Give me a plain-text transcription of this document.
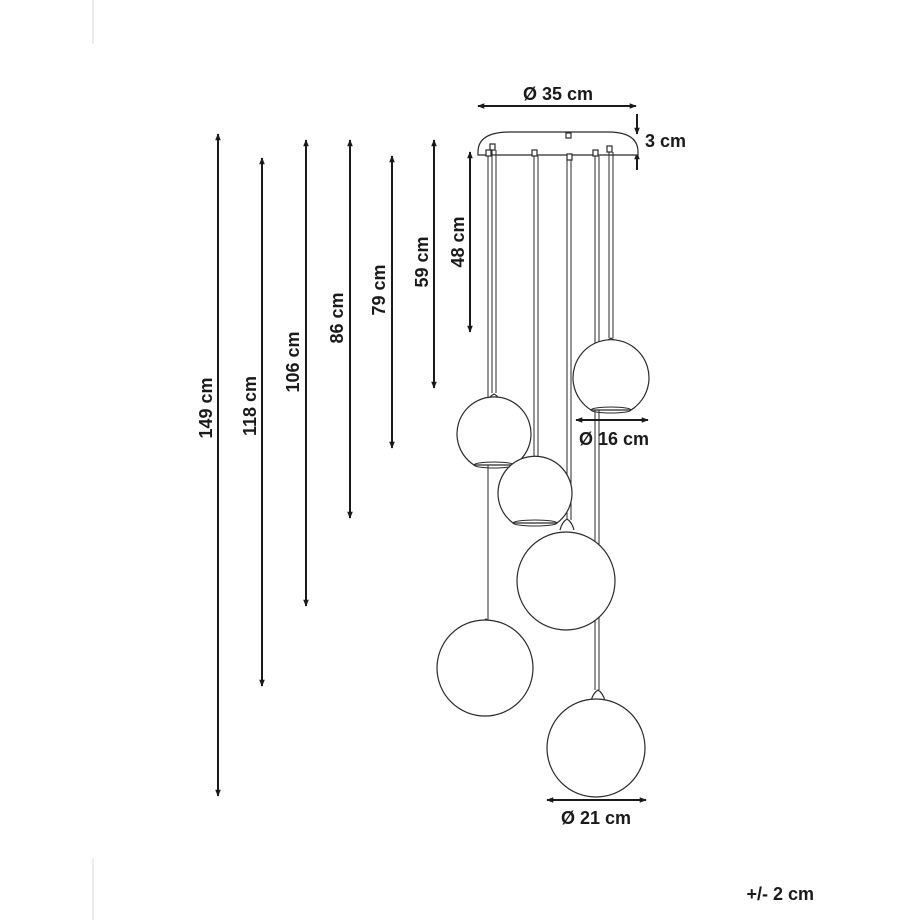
149 cm 118 cm
106 cm
86 cm
79 cm
59 cm 48 cm
Ø 35 cm
3 cm
Ø 16 cm
Ø 21 cm
+/- 2 cm
